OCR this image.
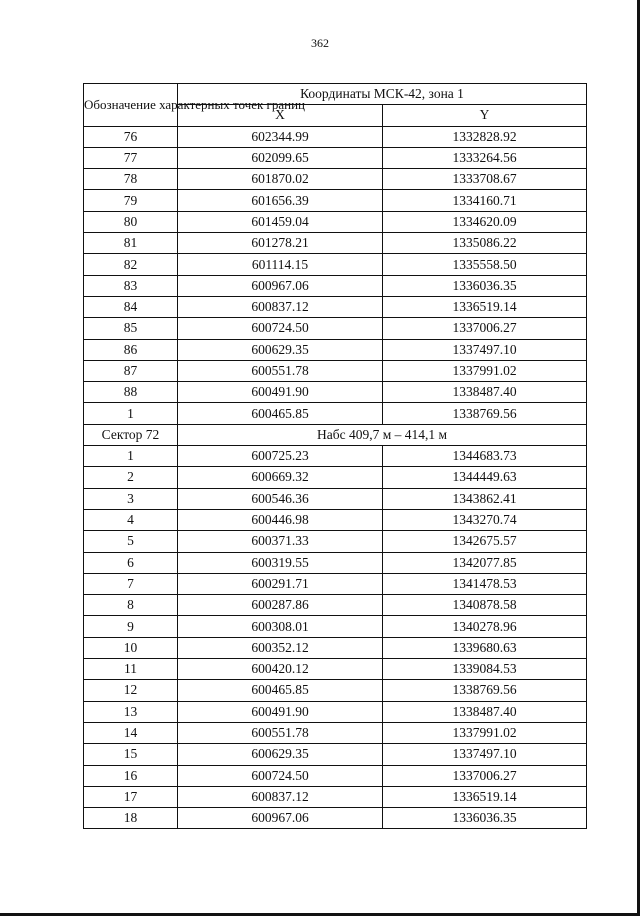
362
Обозначение характерных точек границ	Координаты МСК-42, зона 1	
	X	Y
76	602344.99	1332828.92
77	602099.65	1333264.56
78	601870.02	1333708.67
79	601656.39	1334160.71
80	601459.04	1334620.09
81	601278.21	1335086.22
82	601114.15	1335558.50
83	600967.06	1336036.35
84	600837.12	1336519.14
85	600724.50	1337006.27
86	600629.35	1337497.10
87	600551.78	1337991.02
88	600491.90	1338487.40
1	600465.85	1338769.56
Сектор 72	Набс 409,7 м – 414,1 м	
1	600725.23	1344683.73
2	600669.32	1344449.63
3	600546.36	1343862.41
4	600446.98	1343270.74
5	600371.33	1342675.57
6	600319.55	1342077.85
7	600291.71	1341478.53
8	600287.86	1340878.58
9	600308.01	1340278.96
10	600352.12	1339680.63
11	600420.12	1339084.53
12	600465.85	1338769.56
13	600491.90	1338487.40
14	600551.78	1337991.02
15	600629.35	1337497.10
16	600724.50	1337006.27
17	600837.12	1336519.14
18	600967.06	1336036.35
